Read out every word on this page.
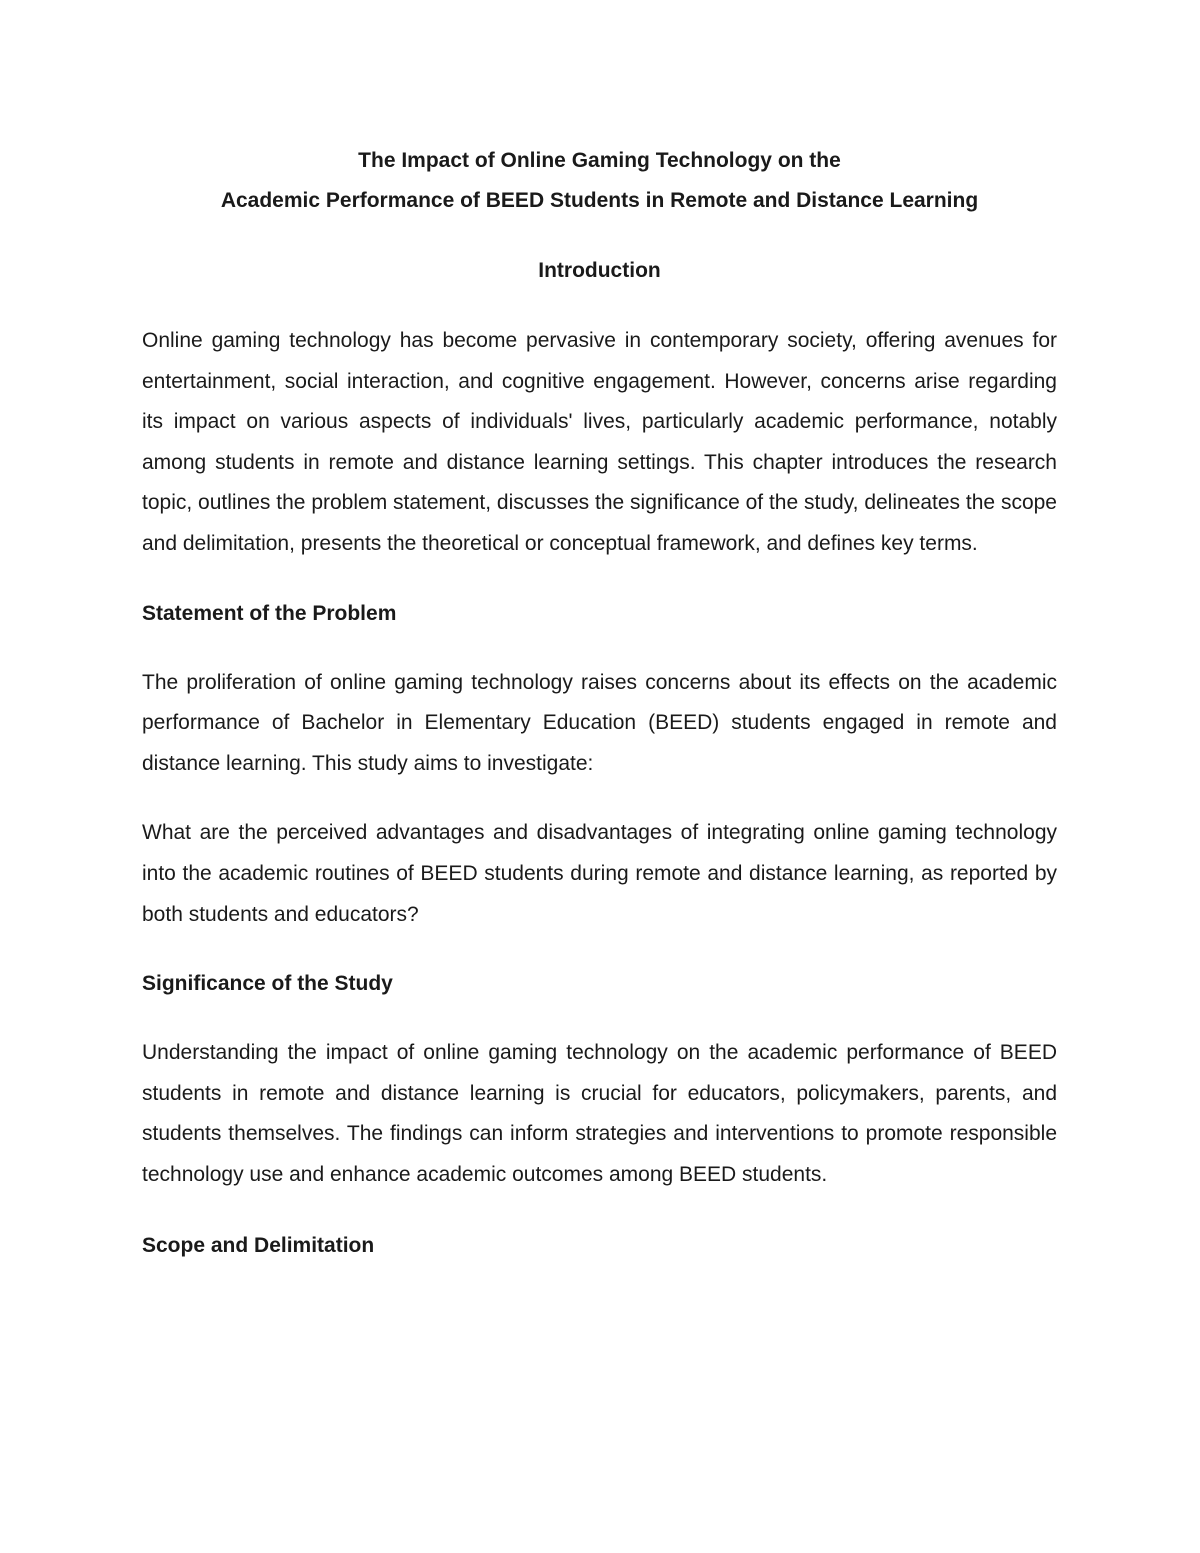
The Impact of Online Gaming Technology on the
Academic Performance of BEED Students in Remote and Distance Learning
Introduction

Online gaming technology has become pervasive in contemporary society, offering avenues for entertainment, social interaction, and cognitive engagement. However, concerns arise regarding its impact on various aspects of individuals' lives, particularly academic performance, notably among students in remote and distance learning settings. This chapter introduces the research topic, outlines the problem statement, discusses the significance of the study, delineates the scope and delimitation, presents the theoretical or conceptual framework, and defines key terms.

Statement of the Problem

The proliferation of online gaming technology raises concerns about its effects on the academic performance of Bachelor in Elementary Education (BEED) students engaged in remote and distance learning. This study aims to investigate:

What are the perceived advantages and disadvantages of integrating online gaming technology into the academic routines of BEED students during remote and distance learning, as reported by both students and educators?

Significance of the Study

Understanding the impact of online gaming technology on the academic performance of BEED students in remote and distance learning is crucial for educators, policymakers, parents, and students themselves. The findings can inform strategies and interventions to promote responsible technology use and enhance academic outcomes among BEED students.

Scope and Delimitation
